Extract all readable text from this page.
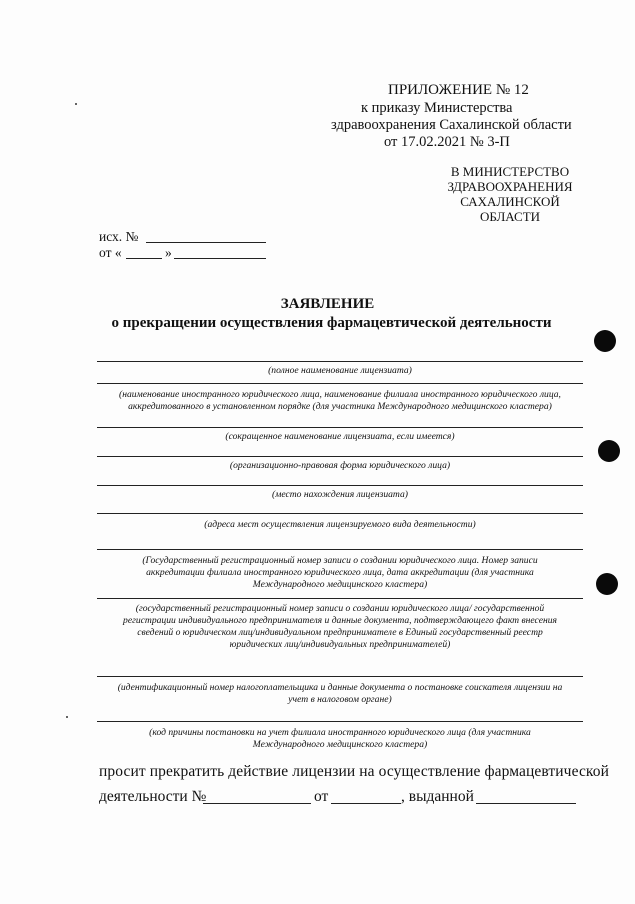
ПРИЛОЖЕНИЕ № 12
к приказу Министерства
здравоохранения Сахалинской области
от 17.02.2021 № 3-П
В МИНИСТЕРСТВО
ЗДРАВООХРАНЕНИЯ
САХАЛИНСКОЙ
ОБЛАСТИ
исх. №
от «	»
ЗАЯВЛЕНИЕ
о прекращении осуществления фармацевтической деятельности
(полное наименование лицензиата)
(наименование иностранного юридического лица, наименование филиала иностранного юридического лица,
аккредитованного в установленном порядке (для участника Международного медицинского кластера)
(сокращенное наименование лицензиата, если имеется)
(организационно-правовая форма юридического лица)
(место нахождения лицензиата)
(адреса мест осуществления лицензируемого вида деятельности)
(Государственный регистрационный номер записи о создании юридического лица. Номер записи
аккредитации филиала иностранного юридического лица, дата аккредитации (для участника
Международного медицинского кластера)
(государственный регистрационный номер записи о создании юридического лица/ государственной
регистрации индивидуального предпринимателя и данные документа, подтверждающего факт внесения
сведений о юридическом лиц/индивидуальном предпринимателе в Единый государственный реестр
юридических лиц/индивидуальных предпринимателей)
(идентификационный номер налогоплательщика и данные документа о постановке соискателя лицензии на
учет в налоговом органе)
(код причины постановки на учет филиала иностранного юридического лица (для участника
Международного медицинского кластера)
просит прекратить действие лицензии на осуществление фармацевтической
деятельности №	от	, выданной
